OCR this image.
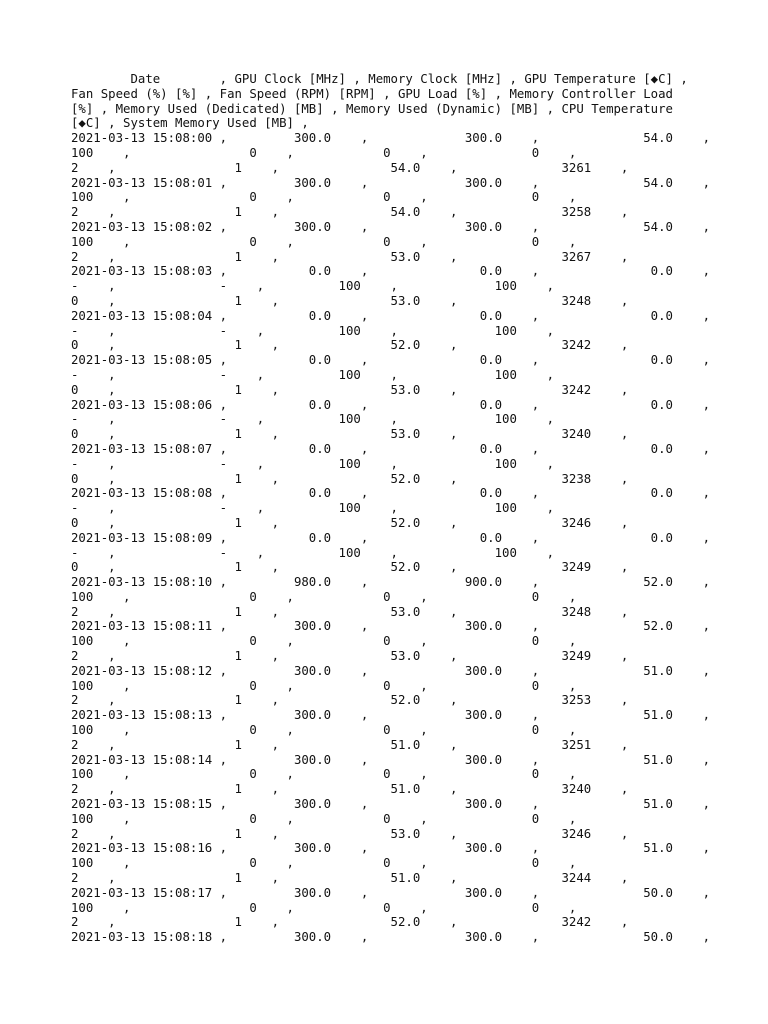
Date        , GPU Clock [MHz] , Memory Clock [MHz] , GPU Temperature [◆C] ,
Fan Speed (%) [%] , Fan Speed (RPM) [RPM] , GPU Load [%] , Memory Controller Load
[%] , Memory Used (Dedicated) [MB] , Memory Used (Dynamic) [MB] , CPU Temperature
[◆C] , System Memory Used [MB] ,
2021-03-13 15:08:00 ,         300.0    ,             300.0    ,              54.0    ,
100    ,                0    ,            0    ,              0    ,
2    ,                1    ,               54.0    ,              3261    ,
2021-03-13 15:08:01 ,         300.0    ,             300.0    ,              54.0    ,
100    ,                0    ,            0    ,              0    ,
2    ,                1    ,               54.0    ,              3258    ,
2021-03-13 15:08:02 ,         300.0    ,             300.0    ,              54.0    ,
100    ,                0    ,            0    ,              0    ,
2    ,                1    ,               53.0    ,              3267    ,
2021-03-13 15:08:03 ,           0.0    ,               0.0    ,               0.0    ,
-    ,              -    ,          100    ,             100    ,
0    ,                1    ,               53.0    ,              3248    ,
2021-03-13 15:08:04 ,           0.0    ,               0.0    ,               0.0    ,
-    ,              -    ,          100    ,             100    ,
0    ,                1    ,               52.0    ,              3242    ,
2021-03-13 15:08:05 ,           0.0    ,               0.0    ,               0.0    ,
-    ,              -    ,          100    ,             100    ,
0    ,                1    ,               53.0    ,              3242    ,
2021-03-13 15:08:06 ,           0.0    ,               0.0    ,               0.0    ,
-    ,              -    ,          100    ,             100    ,
0    ,                1    ,               53.0    ,              3240    ,
2021-03-13 15:08:07 ,           0.0    ,               0.0    ,               0.0    ,
-    ,              -    ,          100    ,             100    ,
0    ,                1    ,               52.0    ,              3238    ,
2021-03-13 15:08:08 ,           0.0    ,               0.0    ,               0.0    ,
-    ,              -    ,          100    ,             100    ,
0    ,                1    ,               52.0    ,              3246    ,
2021-03-13 15:08:09 ,           0.0    ,               0.0    ,               0.0    ,
-    ,              -    ,          100    ,             100    ,
0    ,                1    ,               52.0    ,              3249    ,
2021-03-13 15:08:10 ,         980.0    ,             900.0    ,              52.0    ,
100    ,                0    ,            0    ,              0    ,
2    ,                1    ,               53.0    ,              3248    ,
2021-03-13 15:08:11 ,         300.0    ,             300.0    ,              52.0    ,
100    ,                0    ,            0    ,              0    ,
2    ,                1    ,               53.0    ,              3249    ,
2021-03-13 15:08:12 ,         300.0    ,             300.0    ,              51.0    ,
100    ,                0    ,            0    ,              0    ,
2    ,                1    ,               52.0    ,              3253    ,
2021-03-13 15:08:13 ,         300.0    ,             300.0    ,              51.0    ,
100    ,                0    ,            0    ,              0    ,
2    ,                1    ,               51.0    ,              3251    ,
2021-03-13 15:08:14 ,         300.0    ,             300.0    ,              51.0    ,
100    ,                0    ,            0    ,              0    ,
2    ,                1    ,               51.0    ,              3240    ,
2021-03-13 15:08:15 ,         300.0    ,             300.0    ,              51.0    ,
100    ,                0    ,            0    ,              0    ,
2    ,                1    ,               53.0    ,              3246    ,
2021-03-13 15:08:16 ,         300.0    ,             300.0    ,              51.0    ,
100    ,                0    ,            0    ,              0    ,
2    ,                1    ,               51.0    ,              3244    ,
2021-03-13 15:08:17 ,         300.0    ,             300.0    ,              50.0    ,
100    ,                0    ,            0    ,              0    ,
2    ,                1    ,               52.0    ,              3242    ,
2021-03-13 15:08:18 ,         300.0    ,             300.0    ,              50.0    ,
